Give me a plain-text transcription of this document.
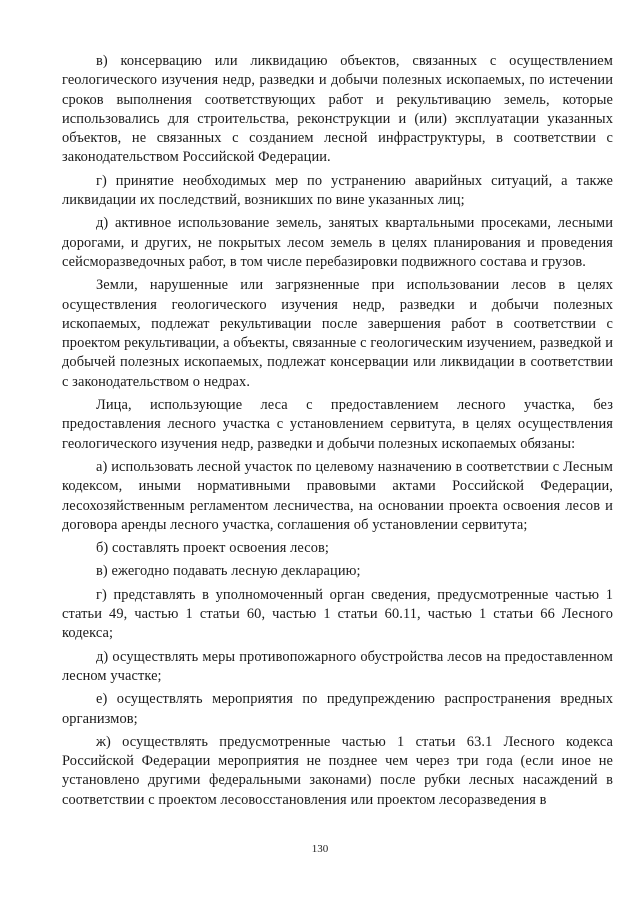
в) консервацию или ликвидацию объектов, связанных с осуществлением геологического изучения недр, разведки и добычи полезных ископаемых, по истечении сроков выполнения соответствующих работ и рекультивацию земель, которые использовались для строительства, реконструкции и (или) эксплуатации указанных объектов, не связанных с созданием лесной инфраструктуры, в соответствии с законодательством Российской Федерации.

г) принятие необходимых мер по устранению аварийных ситуаций, а также ликвидации их последствий, возникших по вине указанных лиц;

д) активное использование земель, занятых квартальными просеками, лесными дорогами, и других, не покрытых лесом земель в целях планирования и проведения сейсморазведочных работ, в том числе перебазировки подвижного состава и грузов.

Земли, нарушенные или загрязненные при использовании лесов в целях осуществления геологического изучения недр, разведки и добычи полезных ископаемых, подлежат рекультивации после завершения работ в соответствии с проектом рекультивации, а объекты, связанные с геологическим изучением, разведкой и добычей полезных ископаемых, подлежат консервации или ликвидации в соответствии с законодательством о недрах.

Лица, использующие леса с предоставлением лесного участка, без предоставления лесного участка с установлением сервитута, в целях осуществления геологического изучения недр, разведки и добычи полезных ископаемых обязаны:

а) использовать лесной участок по целевому назначению в соответствии с Лесным кодексом, иными нормативными правовыми актами Российской Федерации, лесохозяйственным регламентом лесничества, на основании проекта освоения лесов и договора аренды лесного участка, соглашения об установлении сервитута;

б) составлять проект освоения лесов;

в) ежегодно подавать лесную декларацию;

г) представлять в уполномоченный орган сведения, предусмотренные частью 1 статьи 49, частью 1 статьи 60, частью 1 статьи 60.11, частью 1 статьи 66 Лесного кодекса;

д) осуществлять меры противопожарного обустройства лесов на предоставленном лесном участке;

е) осуществлять мероприятия по предупреждению распространения вредных организмов;

ж) осуществлять предусмотренные частью 1 статьи 63.1 Лесного кодекса Российской Федерации мероприятия не позднее чем через три года (если иное не установлено другими федеральными законами) после рубки лесных насаждений в соответствии с проектом лесовосстановления или проектом лесоразведения в

130
